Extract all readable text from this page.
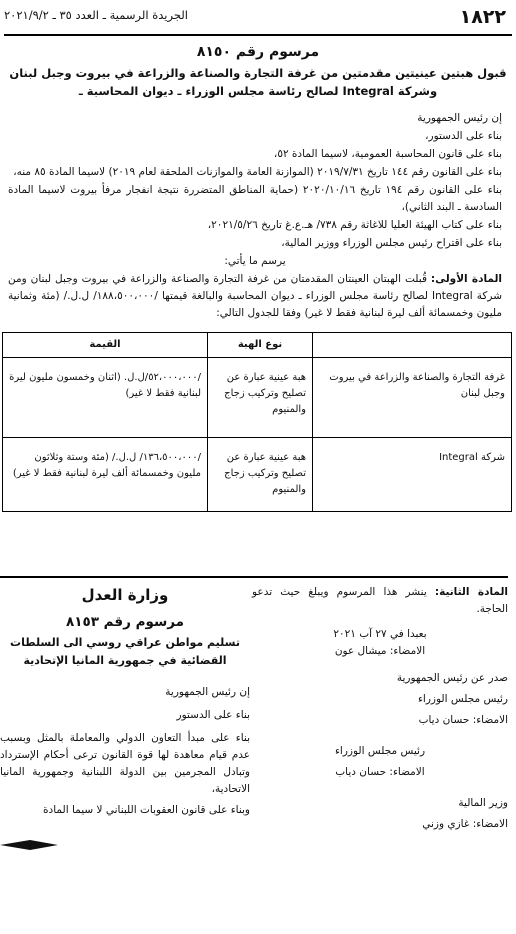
١٨٢٢
الجريدة الرسمية ـ العدد ٣٥ ـ ٢٠٢١/٩/٢
مرسوم رقم ٨١٥٠
قبول هبتين عينيتين مقدمتين من غرفة التجارة والصناعة والزراعة في بيروت وجبل لبنان
وشركة Integral لصالح رئاسة مجلس الوزراء ـ ديوان المحاسبة ـ
إن رئيس الجمهورية
بناء على الدستور،
بناء على قانون المحاسبة العمومية، لاسيما المادة ٥٢،
بناء على القانون رقم ١٤٤ تاريخ ٢٠١٩/٧/٣١ (الموازنة العامة والموازنات الملحقة لعام ٢٠١٩) لاسيما المادة ٨٥ منه،
بناء على القانون رقم ١٩٤ تاريخ ٢٠٢٠/١٠/١٦ (حماية المناطق المتضررة نتيجة انفجار مرفأ بيروت لاسيما المادة السادسة ـ البند الثاني)،
بناء على كتاب الهيئة العليا للاغاثة رقم ٧٣٨/ هـ.ع.غ تاريخ ٢٠٢١/٥/٢٦،
بناء على اقتراح رئيس مجلس الوزراء ووزير المالية،
يرسم ما يأتي:
المادة الأولى: قُبلت الهبتان العينتان المقدمتان من غرفة التجارة والصناعة والزراعة في بيروت وجبل لبنان ومن شركة Integral لصالح رئاسة مجلس الوزراء ـ ديوان المحاسبة والبالغة قيمتها /١٨٨،٥٠٠،٠٠٠/ ل.ل./ (مئة وثمانية مليون وخمسمائة ألف ليرة لبنانية فقط لا غير) وفقا للجدول التالي:
	نوع الهبة	القيمة
غرفة التجارة والصناعة والزراعة في بيروت وجبل لبنان	هبة عينية عبارة عن تصليح وتركيب زجاج والمنيوم	/٥٢،٠٠٠،٠٠٠/ل.ل. (اثنان وخمسون مليون ليرة لبنانية فقط لا غير)
شركة Integral	هبة عينية عبارة عن تصليح وتركيب زجاج والمنيوم	/١٣٦،٥٠٠،٠٠٠/ ل.ل./ (مئة وستة وثلاثون مليون وخمسمائة ألف ليرة لبنانية فقط لا غير)
المادة الثانية: ينشر هذا المرسوم ويبلغ حيث تدعو الحاجة.
بعبدا في ٢٧ آب ٢٠٢١
الامضاء: ميشال عون
صدر عن رئيس الجمهورية
رئيس مجلس الوزراء
الامضاء: حسان دياب
رئيس مجلس الوزراء
الامضاء: حسان دياب
وزير المالية
الامضاء: غازي وزني
وزارة العدل
مرسوم رقم ٨١٥٣
تسليم مواطن عراقي روسي الى السلطات
القضائية في جمهورية المانيا الإتحادية
إن رئيس الجمهورية
بناء على الدستور
بناء على مبدأ التعاون الدولي والمعاملة بالمثل وبسبب عدم قيام معاهدة لها قوة القانون ترعى أحكام الإسترداد وتبادل المجرمين بين الدولة اللبنانية وجمهورية المانيا الاتحادية،
وبناء على قانون العقوبات اللبناني لا سيما المادة
